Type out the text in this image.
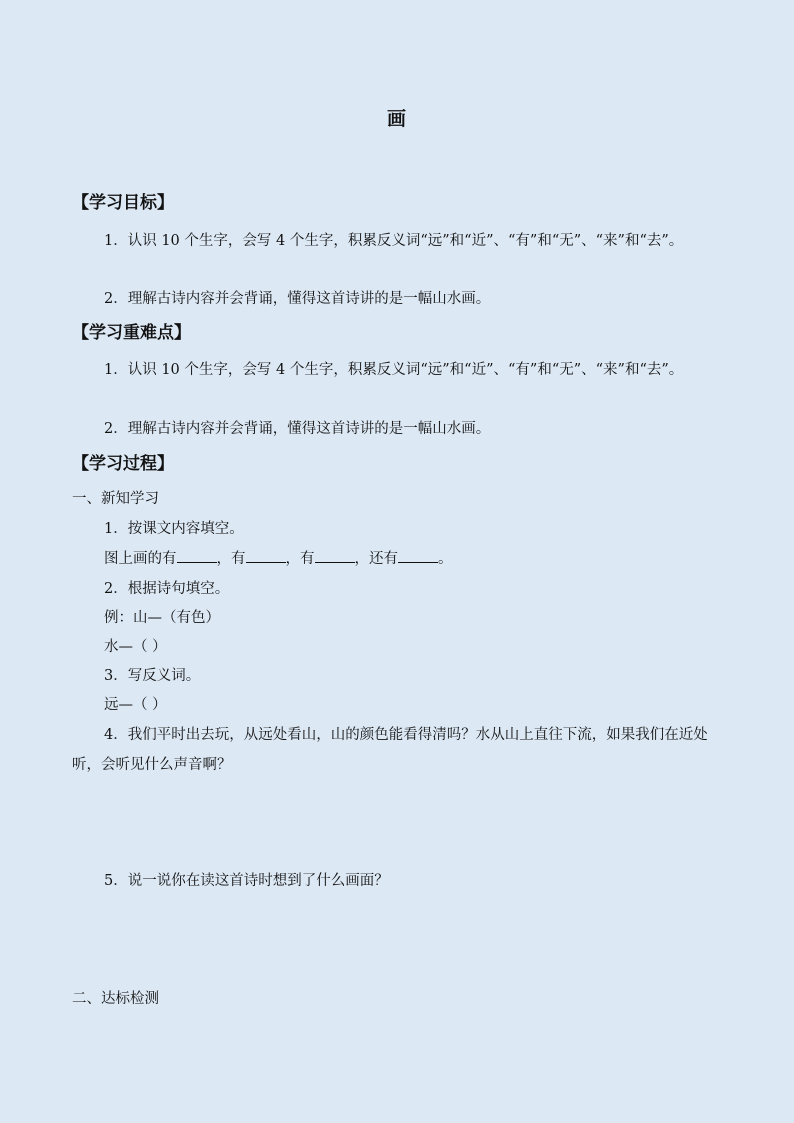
画
【学习目标】
1．认识 10 个生字，会写 4 个生字，积累反义词“远”和“近”、“有”和“无”、“来”和“去”。
2．理解古诗内容并会背诵，懂得这首诗讲的是一幅山水画。
【学习重难点】
1．认识 10 个生字，会写 4 个生字，积累反义词“远”和“近”、“有”和“无”、“来”和“去”。
2．理解古诗内容并会背诵，懂得这首诗讲的是一幅山水画。
【学习过程】
一、新知学习
1．按课文内容填空。
图上画的有	，有	，有	，还有	。
2．根据诗句填空。
例：山—（有色）
水—（ ）
3．写反义词。
远—（ ）
4．我们平时出去玩，从远处看山，山的颜色能看得清吗？水从山上直往下流，如果我们在近处听，会听见什么声音啊？
5．说一说你在读这首诗时想到了什么画面？
二、达标检测
